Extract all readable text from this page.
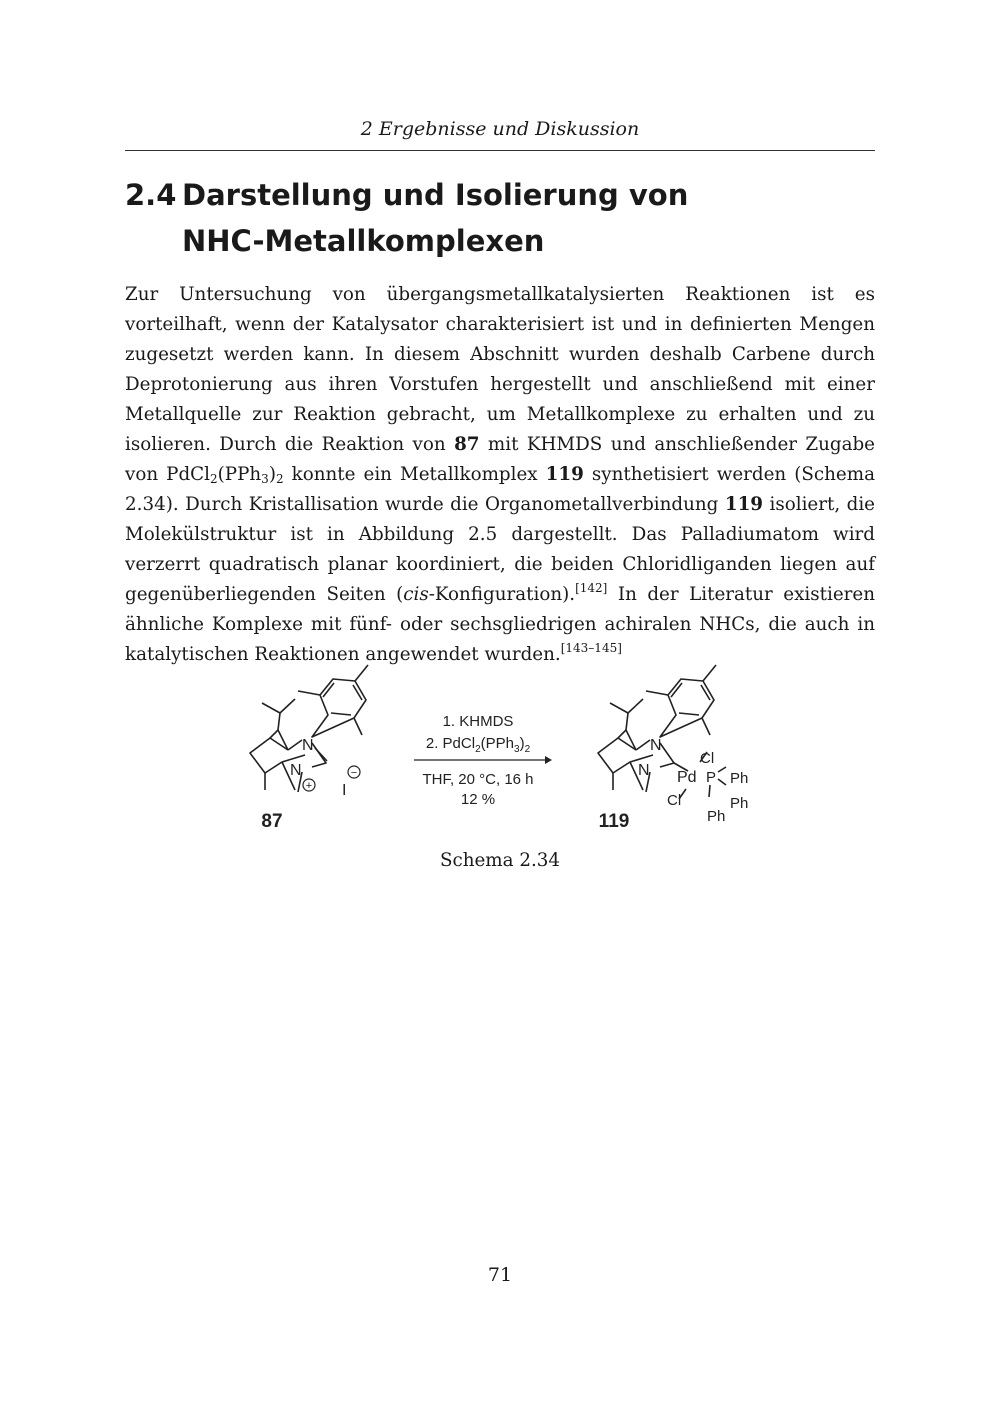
2 Ergebnisse und Diskussion
2.4 Darstellung und Isolierung von
NHC-Metallkomplexen
Zur Untersuchung von übergangsmetallkatalysierten Reaktionen ist es vorteilhaft, wenn der Katalysator charakterisiert ist und in definierten Mengen zugesetzt werden kann. In diesem Abschnitt wurden deshalb Carbene durch Deprotonierung aus ihren Vorstufen hergestellt und anschließend mit einer Metallquelle zur Reaktion gebracht, um Metallkomplexe zu erhalten und zu isolieren. Durch die Reaktion von 87 mit KHMDS und anschließender Zugabe von $PdCl_2(PPh_3)_2$ konnte ein Metallkomplex 119 synthetisiert werden (Schema 2.34). Durch Kristallisation wurde die Organometallverbindung 119 isoliert, die Molekülstruktur ist in Abbildung 2.5 dargestellt. Das Palladiumatom wird verzerrt quadratisch planar koordiniert, die beiden Chloridliganden liegen auf gegenüberliegenden Seiten (cis-Konfiguration).[142] In der Literatur existieren ähnliche Komplexe mit fünf- oder sechsgliedrigen achiralen NHCs, die auch in katalytischen Reaktionen angewendet wurden.[143–145]
N
N
+ I
−
87
1. KHMDS
2. $PdCl_2(PPh_3)_2$
THF, 20 °C, 16 h
12 %
N
N Pd
Cl
Cl
P Ph
Ph
Ph
119
Schema 2.34
71
